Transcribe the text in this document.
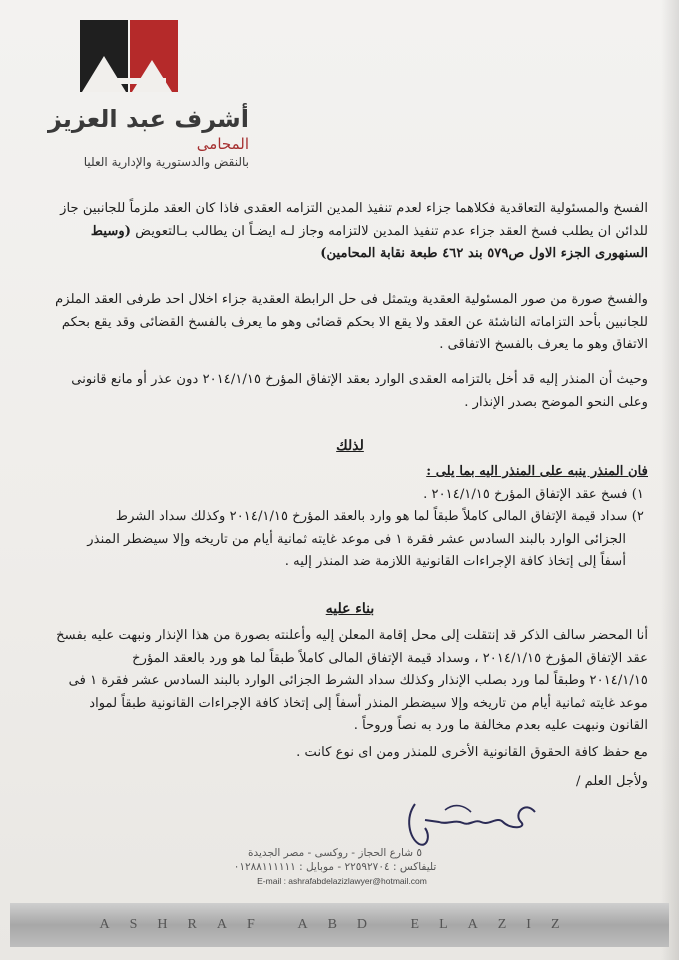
أشرف عبد العزيز
المحامى
بالنقض والدستورية والإدارية العليا
الفسخ والمسئولية التعاقدية فكلاهما جزاء لعدم تنفيذ المدين التزامه العقدى فاذا كان العقد ملزماً للجانبين جاز
للدائن ان يطلب فسخ العقد جزاء عدم تنفيذ المدين لالتزامه وجاز لـه ايضـاً ان يطالب بـالتعويض (وسيط
السنهورى الجزء الاول ص٥٧٩ بند ٤٦٢ طبعة نقابة المحامين)
والفسخ صورة من صور المسئولية العقدية ويتمثل فى حل الرابطة العقدية جزاء اخلال احد طرفى العقد الملزم
للجانبين بأحد التزاماته الناشئة عن العقد ولا يقع الا بحكم قضائى وهو ما يعرف بالفسخ القضائى وقد يقع بحكم
الاتفاق وهو ما يعرف بالفسخ الاتفاقى .
وحيث أن المنذر إليه قد أخل بالتزامه العقدى الوارد بعقد الإتفاق المؤرخ ٢٠١٤/١/١٥ دون عذر أو مانع قانونى
وعلى النحو الموضح بصدر الإنذار .
لذلك
فان المنذر ينبه على المنذر اليه بما يلى :
١) فسخ عقد الإتفاق المؤرخ ٢٠١٤/١/١٥ .
٢) سداد قيمة الإتفاق المالى كاملاً طبقاً لما هو وارد بالعقد المؤرخ ٢٠١٤/١/١٥ وكذلك سداد الشرط
الجزائى الوارد بالبند السادس عشر فقرة ١ فى موعد غايته ثمانية أيام من تاريخه وإلا سيضطر المنذر
أسفاً إلى إتخاذ كافة الإجراءات القانونية اللازمة ضد المنذر إليه .
بناء عليه
أنا المحضر سالف الذكر قد إنتقلت إلى محل إقامة المعلن إليه وأعلنته بصورة من هذا الإنذار ونبهت عليه بفسخ
عقد الإتفاق المؤرخ ٢٠١٤/١/١٥ ، وسداد قيمة الإتفاق المالى كاملاً طبقاً لما هو ورد بالعقد المؤرخ
٢٠١٤/١/١٥ وطبقاً لما ورد بصلب الإنذار وكذلك سداد الشرط الجزائى الوارد بالبند السادس عشر فقرة ١ فى
موعد غايته ثمانية أيام من تاريخه وإلا سيضطر المنذر أسفاً إلى إتخاذ كافة الإجراءات القانونية طبقاً لمواد
القانون ونبهت عليه بعدم مخالفة ما ورد به نصاً وروحاً .
مع حفظ كافة الحقوق القانونية الأخرى للمنذر ومن اى نوع كانت .
ولأجل العلم /
٥ شارع الحجاز - روكسى - مصر الجديدة
تليفاكس : ٢٢٥٩٢٧٠٤ - موبايل : ٠١٢٨٨١١١١١١
E-mail : ashrafabdelazizlawyer@hotmail.com
ASHRAF ABD ELAZIZ
